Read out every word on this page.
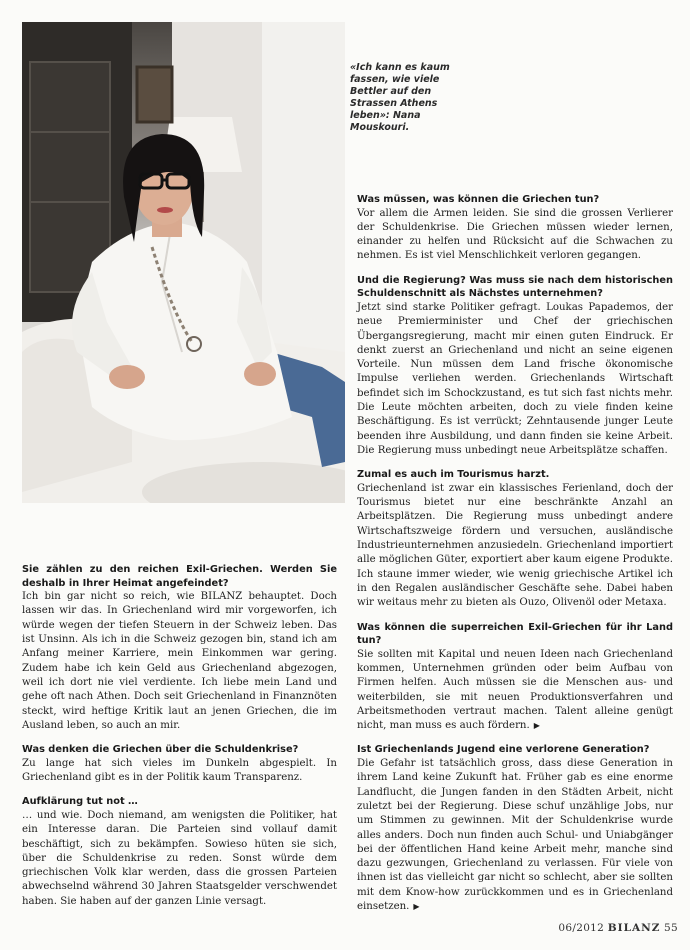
«Ich kann es kaum fassen, wie viele Bettler auf den Strassen Athens leben»: Nana Mouskouri.

Sie zählen zu den reichen Exil-Griechen. Werden Sie deshalb in Ihrer Heimat angefeindet?

Ich bin gar nicht so reich, wie BILANZ behauptet. Doch lassen wir das. In Griechenland wird mir vorgeworfen, ich würde wegen der tiefen Steuern in der Schweiz leben. Das ist Unsinn. Als ich in die Schweiz gezogen bin, stand ich am Anfang meiner Karriere, mein Einkommen war gering. Zudem habe ich kein Geld aus Griechenland abgezogen, weil ich dort nie viel verdiente. Ich liebe mein Land und gehe oft nach Athen. Doch seit Griechenland in Finanznöten steckt, wird heftige Kritik laut an jenen Griechen, die im Ausland leben, so auch an mir.

Was denken die Griechen über die Schuldenkrise?

Zu lange hat sich vieles im Dunkeln abgespielt. In Griechenland gibt es in der Politik kaum Transparenz.

Aufklärung tut not …

… und wie. Doch niemand, am wenigsten die Politiker, hat ein Interesse daran. Die Parteien sind vollauf damit beschäftigt, sich zu bekämpfen. Sowieso hüten sie sich, über die Schuldenkrise zu reden. Sonst würde dem griechischen Volk klar werden, dass die grossen Parteien abwechselnd während 30 Jahren Staatsgelder verschwendet haben. Sie haben auf der ganzen Linie versagt.

Was müssen, was können die Griechen tun?

Vor allem die Armen leiden. Sie sind die grossen Verlierer der Schuldenkrise. Die Griechen müssen wieder lernen, einander zu helfen und Rücksicht auf die Schwachen zu nehmen. Es ist viel Menschlichkeit verloren gegangen.

Und die Regierung? Was muss sie nach dem historischen Schuldenschnitt als Nächstes unternehmen?

Jetzt sind starke Politiker gefragt. Loukas Papademos, der neue Premierminister und Chef der griechischen Übergangsregierung, macht mir einen guten Eindruck. Er denkt zuerst an Griechenland und nicht an seine eigenen Vorteile. Nun müssen dem Land frische ökonomische Impulse verliehen werden. Griechenlands Wirtschaft befindet sich im Schockzustand, es tut sich fast nichts mehr. Die Leute möchten arbeiten, doch zu viele finden keine Beschäftigung. Es ist verrückt; Zehntausende junger Leute beenden ihre Ausbildung, und dann finden sie keine Arbeit. Die Regierung muss unbedingt neue Arbeitsplätze schaffen.

Zumal es auch im Tourismus harzt.

Griechenland ist zwar ein klassisches Ferienland, doch der Tourismus bietet nur eine beschränkte Anzahl an Arbeitsplätzen. Die Regierung muss unbedingt andere Wirtschaftszweige fördern und versuchen, ausländische Industrieunternehmen anzusiedeln. Griechenland importiert alle möglichen Güter, exportiert aber kaum eigene Produkte. Ich staune immer wieder, wie wenig griechische Artikel ich in den Regalen ausländischer Geschäfte sehe. Dabei haben wir weitaus mehr zu bieten als Ouzo, Olivenöl oder Metaxa.

Was können die superreichen Exil-Griechen für ihr Land tun?

Sie sollten mit Kapital und neuen Ideen nach Griechenland kommen, Unternehmen gründen oder beim Aufbau von Firmen helfen. Auch müssen sie die Menschen aus- und weiterbilden, sie mit neuen Produktionsverfahren und Arbeitsmethoden vertraut machen. Talent alleine genügt nicht, man muss es auch fördern. ▶

Ist Griechenlands Jugend eine verlorene Generation?

Die Gefahr ist tatsächlich gross, dass diese Generation in ihrem Land keine Zukunft hat. Früher gab es eine enorme Landflucht, die Jungen fanden in den Städten Arbeit, nicht zuletzt bei der Regierung. Diese schuf unzählige Jobs, nur um Stimmen zu gewinnen. Mit der Schuldenkrise wurde alles anders. Doch nun finden auch Schul- und Uniabgänger bei der öffentlichen Hand keine Arbeit mehr, manche sind dazu gezwungen, Griechenland zu verlassen. Für viele von ihnen ist das vielleicht gar nicht so schlecht, aber sie sollten mit dem Know-how zurückkommen und es in Griechenland einsetzen. ▶

06/2012 BILANZ 55
